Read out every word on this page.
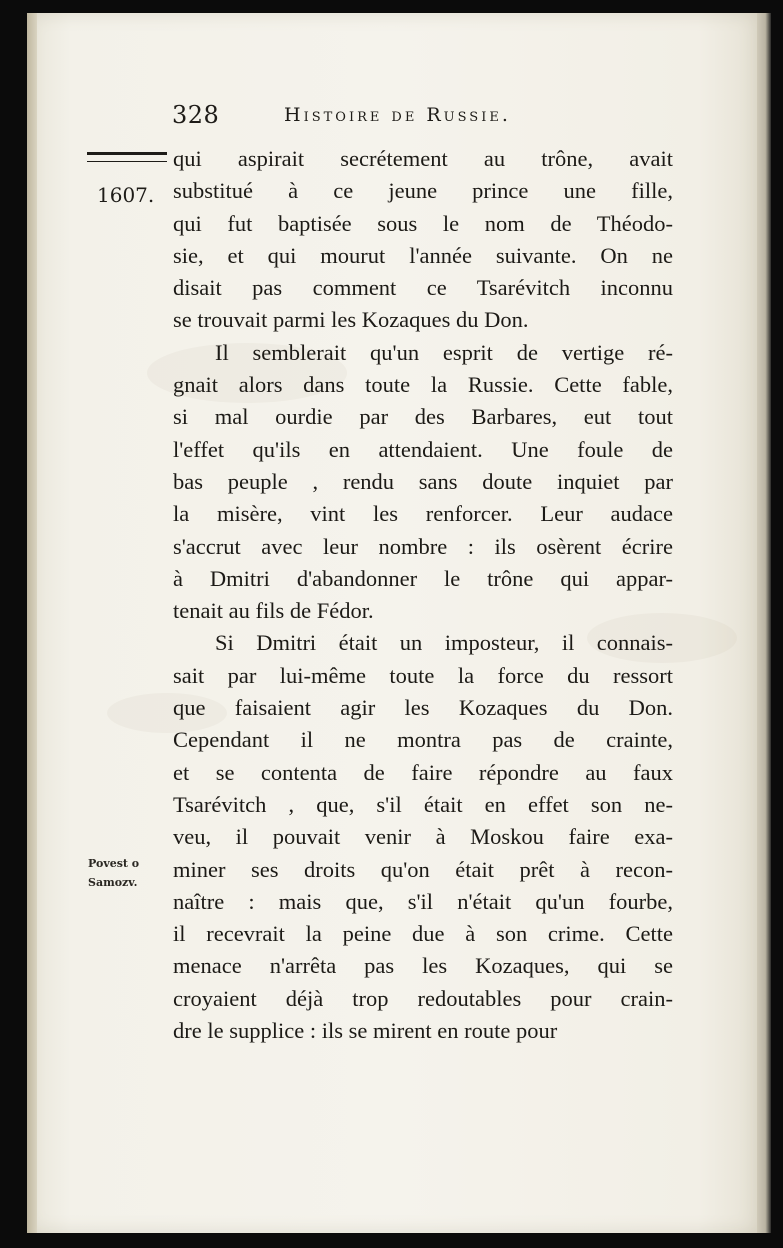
328	Histoire de Russie.
1607.
Povest o
Samozv.
qui aspirait secrétement au trône, avait
substitué à ce jeune prince une fille,
qui fut baptisée sous le nom de Théodo-
sie, et qui mourut l'année suivante. On ne
disait pas comment ce Tsarévitch inconnu
se trouvait parmi les Kozaques du Don.
Il semblerait qu'un esprit de vertige ré-
gnait alors dans toute la Russie. Cette fable,
si mal ourdie par des Barbares, eut tout
l'effet qu'ils en attendaient. Une foule de
bas peuple , rendu sans doute inquiet par
la misère, vint les renforcer. Leur audace
s'accrut avec leur nombre : ils osèrent écrire
à Dmitri d'abandonner le trône qui appar-
tenait au fils de Fédor.
Si Dmitri était un imposteur, il connais-
sait par lui-même toute la force du ressort
que faisaient agir les Kozaques du Don.
Cependant il ne montra pas de crainte,
et se contenta de faire répondre au faux
Tsarévitch , que, s'il était en effet son ne-
veu, il pouvait venir à Moskou faire exa-
miner ses droits qu'on était prêt à recon-
naître : mais que, s'il n'était qu'un fourbe,
il recevrait la peine due à son crime. Cette
menace n'arrêta pas les Kozaques, qui se
croyaient déjà trop redoutables pour crain-
dre le supplice : ils se mirent en route pour
